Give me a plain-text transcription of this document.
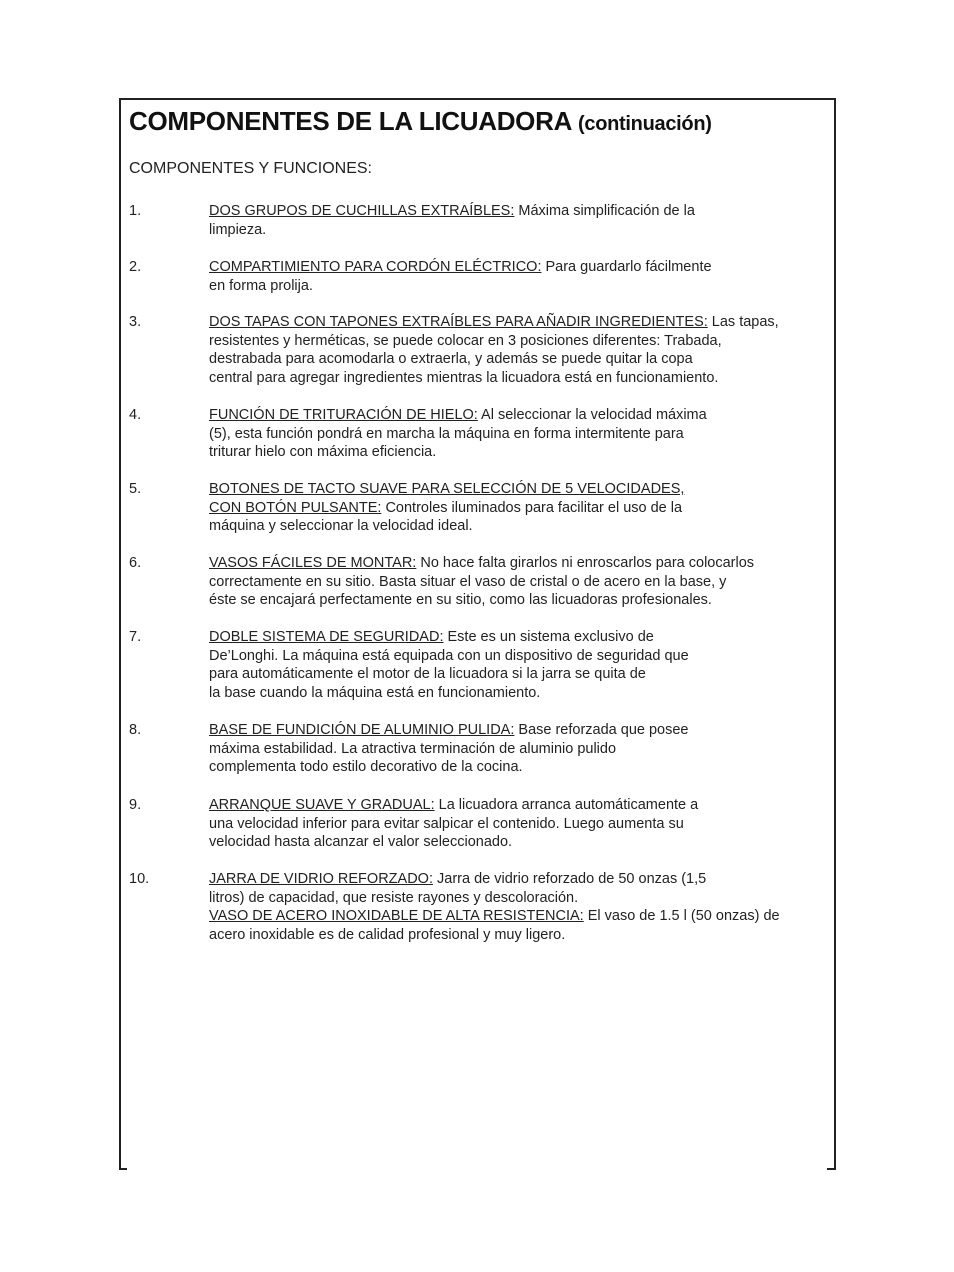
COMPONENTES DE LA LICUADORA (continuación)
COMPONENTES Y FUNCIONES:
1.	DOS GRUPOS DE CUCHILLAS EXTRAÍBLES: Máxima simplificación de la
limpieza.
2.	COMPARTIMIENTO PARA CORDÓN ELÉCTRICO: Para guardarlo fácilmente
en forma prolija.
3.	DOS TAPAS CON TAPONES EXTRAÍBLES PARA AÑADIR INGREDIENTES: Las tapas,
resistentes y herméticas, se puede colocar en 3 posiciones diferentes: Trabada,
destrabada para acomodarla o extraerla, y además se puede quitar la copa
central para agregar ingredientes mientras la licuadora está en funcionamiento.
4.	FUNCIÓN DE TRITURACIÓN DE HIELO: Al seleccionar la velocidad máxima
(5), esta función pondrá en marcha la máquina en forma intermitente para
triturar hielo con máxima eficiencia.
5.	BOTONES DE TACTO SUAVE PARA SELECCIÓN DE 5 VELOCIDADES,
CON BOTÓN PULSANTE: Controles iluminados para facilitar el uso de la
máquina y seleccionar la velocidad ideal.
6.	VASOS FÁCILES DE MONTAR: No hace falta girarlos ni enroscarlos para colocarlos
correctamente en su sitio. Basta situar el vaso de cristal o de acero en la base, y
éste se encajará perfectamente en su sitio, como las licuadoras profesionales.
7.	DOBLE SISTEMA DE SEGURIDAD: Este es un sistema exclusivo de
De’Longhi. La máquina está equipada con un dispositivo de seguridad que
para automáticamente el motor de la licuadora si la jarra se quita de
la base cuando la máquina está en funcionamiento.
8.	BASE DE FUNDICIÓN DE ALUMINIO PULIDA: Base reforzada que posee
máxima estabilidad. La atractiva terminación de aluminio pulido
complementa todo estilo decorativo de la cocina.
9.	ARRANQUE SUAVE Y GRADUAL: La licuadora arranca automáticamente a
una velocidad inferior para evitar salpicar el contenido. Luego aumenta su
velocidad hasta alcanzar el valor seleccionado.
10.	JARRA DE VIDRIO REFORZADO: Jarra de vidrio reforzado de 50 onzas (1,5
litros) de capacidad, que resiste rayones y descoloración.
VASO DE ACERO INOXIDABLE DE ALTA RESISTENCIA: El vaso de 1.5 l (50 onzas) de
acero inoxidable es de calidad profesional y muy ligero.
